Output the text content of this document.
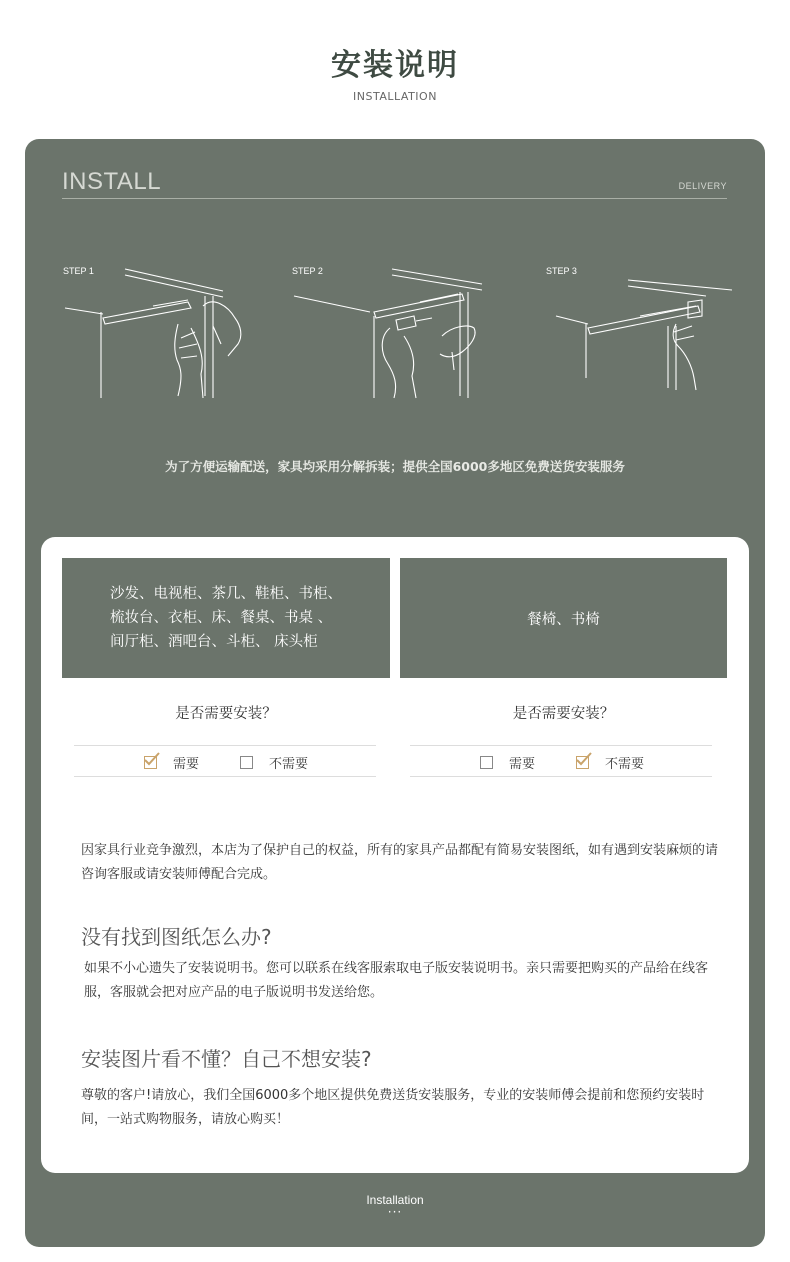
安装说明
INSTALLATION
INSTALL	DELIVERY
STEP 1	STEP 2	STEP 3
为了方便运输配送，家具均采用分解拆装；提供全国6000多地区免费送货安装服务
沙发、电视柜、茶几、鞋柜、书柜、
梳妆台、衣柜、床、餐桌、书桌 、
间厅柜、酒吧台、斗柜、 床头柜
餐椅、书椅
是否需要安装？	是否需要安装？
需要	不需要	需要	不需要
因家具行业竞争激烈，本店为了保护自己的权益，所有的家具产品都配有简易安装图纸，如有遇到安装麻烦的请咨询客服或请安装师傅配合完成。
没有找到图纸怎么办?
如果不小心遗失了安装说明书。您可以联系在线客服索取电子版安装说明书。亲只需要把购买的产品给在线客服，客服就会把对应产品的电子版说明书发送给您。
安装图片看不懂？自己不想安装?
尊敬的客户!请放心，我们全国6000多个地区提供免费送货安装服务，专业的安装师傅会提前和您预约安装时间，一站式购物服务，请放心购买！
Installation
···
